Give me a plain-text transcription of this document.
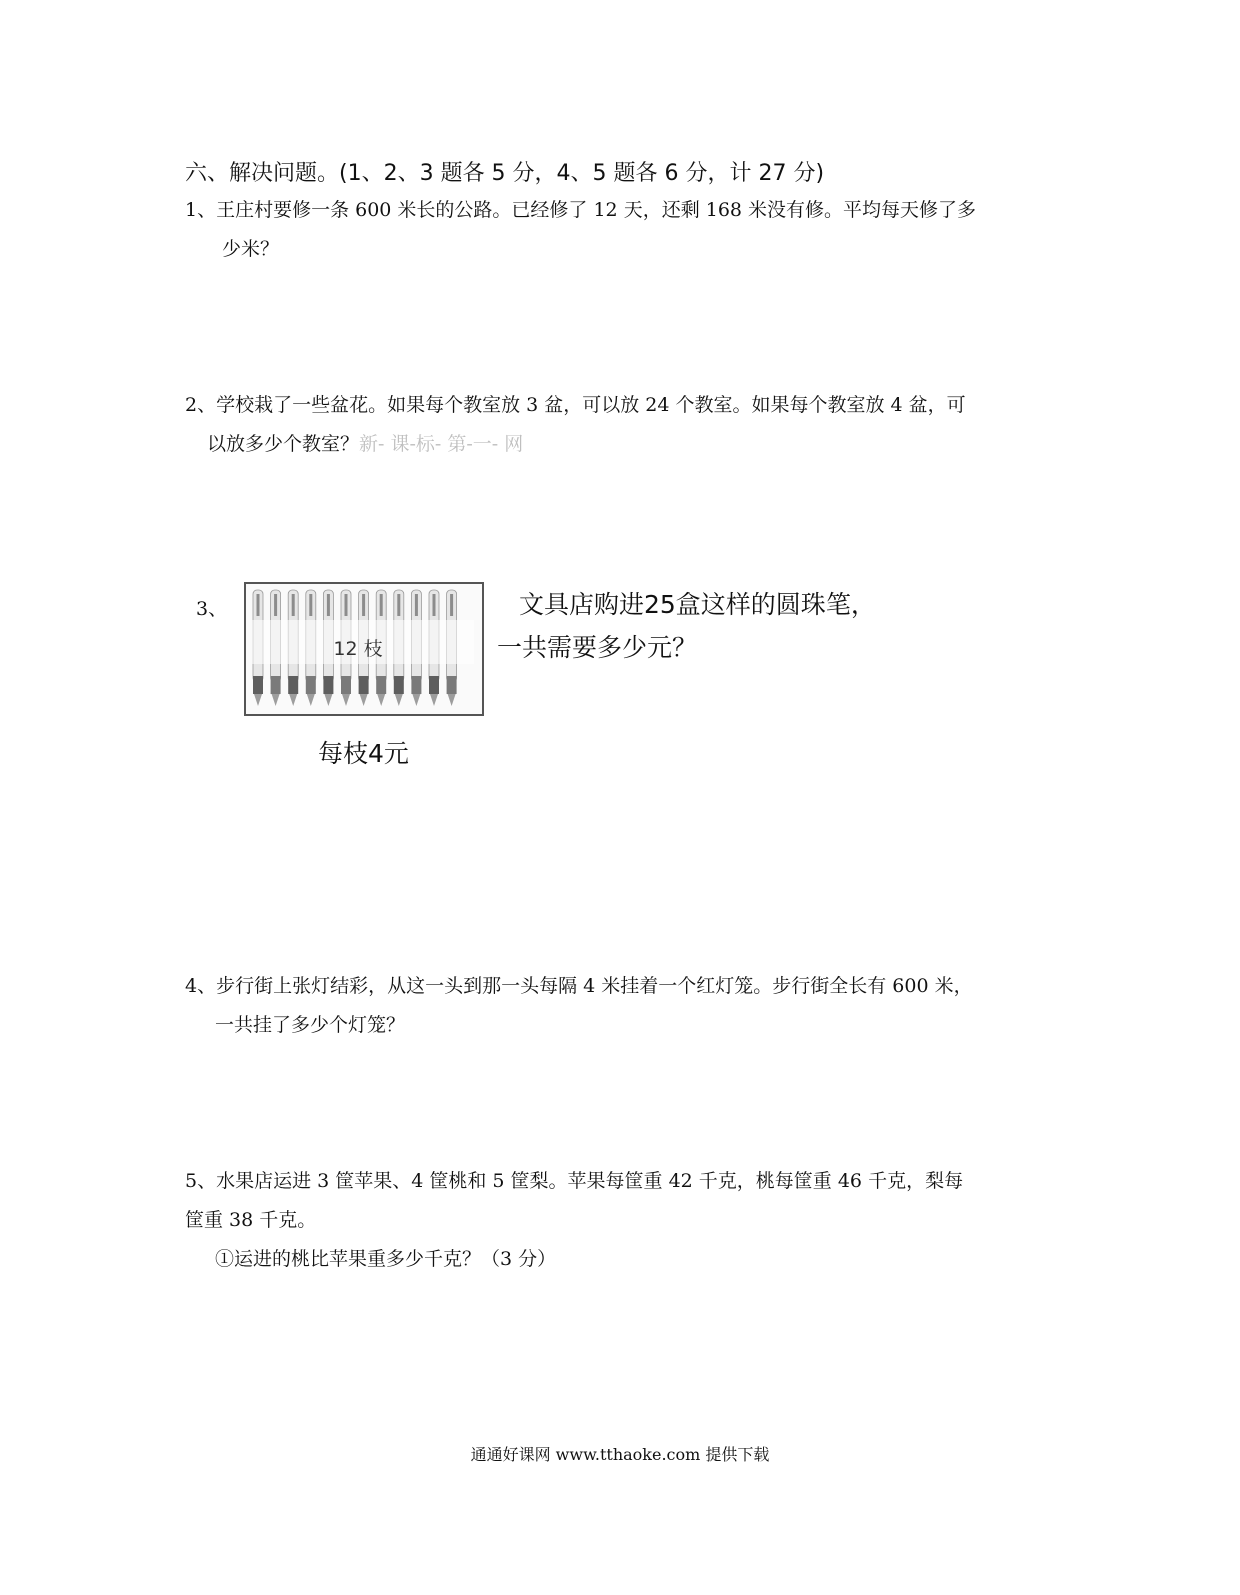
六、解决问题。(1、2、3 题各 5 分，4、5 题各 6 分，计 27 分)
1、王庄村要修一条 600 米长的公路。已经修了 12 天，还剩 168 米没有修。平均每天修了多
少米？
2、学校栽了一些盆花。如果每个教室放 3 盆，可以放 24 个教室。如果每个教室放 4 盆，可
以放多少个教室？新- 课-标- 第-一- 网
3、
12 枝
每枝4元
文具店购进25盒这样的圆珠笔，
一共需要多少元？
4、步行街上张灯结彩，从这一头到那一头每隔 4 米挂着一个红灯笼。步行街全长有 600 米，
一共挂了多少个灯笼？
5、水果店运进 3 筐苹果、4 筐桃和 5 筐梨。苹果每筐重 42 千克，桃每筐重 46 千克，梨每
筐重 38 千克。
①运进的桃比苹果重多少千克？（3 分）
通通好课网 www.tthaoke.com 提供下载
